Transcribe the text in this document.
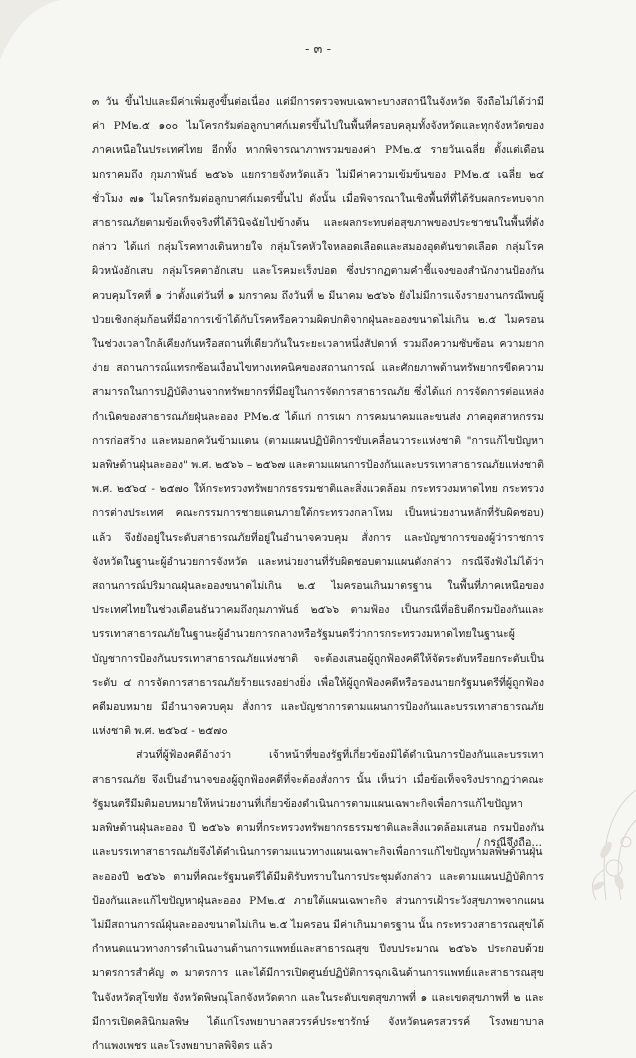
- ๓ -

๓ วัน ขึ้นไปและมีค่าเพิ่มสูงขึ้นต่อเนื่อง แต่มีการตรวจพบเฉพาะบางสถานีในจังหวัด จึงถือไม่ได้ว่ามีค่า PM๒.๕ ๑๐๐ ไมโครกรัมต่อลูกบาศก์เมตรขึ้นไปในพื้นที่ครอบคลุมทั้งจังหวัดและทุกจังหวัดของภาคเหนือในประเทศไทย อีกทั้ง หากพิจารณาภาพรวมของค่า PM๒.๕ รายวันเฉลี่ย ตั้งแต่เดือนมกราคมถึง กุมภาพันธ์ ๒๕๖๖ แยกรายจังหวัดแล้ว ไม่มีค่าความเข้มข้นของ PM๒.๕ เฉลี่ย ๒๔ ชั่วโมง ๗๑ ไมโครกรัมต่อลูกบาศก์เมตรขึ้นไป ดังนั้น เมื่อพิจารณาในเชิงพื้นที่ที่ได้รับผลกระทบจากสาธารณภัยตามข้อเท็จจริงที่ได้วินิจฉัยไปข้างต้น และผลกระทบต่อสุขภาพของประชาชนในพื้นที่ดังกล่าว ได้แก่ กลุ่มโรคทางเดินหายใจ กลุ่มโรคหัวใจหลอดเลือดและสมองอุดตันขาดเลือด กลุ่มโรคผิวหนังอักเสบ กลุ่มโรคตาอักเสบ และโรคมะเร็งปอด ซึ่งปรากฏตามคำชี้แจงของสำนักงานป้องกันควบคุมโรคที่ ๑ ว่าตั้งแต่วันที่ ๑ มกราคม ถึงวันที่ ๒ มีนาคม ๒๕๖๖ ยังไม่มีการแจ้งรายงานกรณีพบผู้ป่วยเชิงกลุ่มก้อนที่มีอาการเข้าได้กับโรคหรือความผิดปกติจากฝุ่นละอองขนาดไม่เกิน ๒.๕ ไมครอน ในช่วงเวลาใกล้เคียงกันหรือสถานที่เดียวกันในระยะเวลาหนึ่งสัปดาห์ รวมถึงความซับซ้อน ความยากง่าย สถานการณ์แทรกซ้อนเงื่อนไขทางเทคนิคของสถานการณ์ และศักยภาพด้านทรัพยากรขีดความสามารถในการปฏิบัติงานจากทรัพยากรที่มีอยู่ในการจัดการสาธารณภัย ซึ่งได้แก่ การจัดการต่อแหล่งกำเนิดของสาธารณภัยฝุ่นละออง PM๒.๕ ได้แก่ การเผา การคมนาคมและขนส่ง ภาคอุตสาหกรรม การก่อสร้าง และหมอกควันข้ามแดน (ตามแผนปฏิบัติการขับเคลื่อนวาระแห่งชาติ "การแก้ไขปัญหามลพิษด้านฝุ่นละออง" พ.ศ. ๒๕๖๖ – ๒๕๖๗ และตามแผนการป้องกันและบรรเทาสาธารณภัยแห่งชาติ พ.ศ. ๒๕๖๔ - ๒๕๗๐ ให้กระทรวงทรัพยากรธรรมชาติและสิ่งแวดล้อม กระทรวงมหาดไทย กระทรวงการต่างประเทศ คณะกรรมการชายแดนภายใต้กระทรวงกลาโหม เป็นหน่วยงานหลักที่รับผิดชอบ) แล้ว จึงยังอยู่ในระดับสาธารณภัยที่อยู่ในอำนาจควบคุม สั่งการ และบัญชาการของผู้ว่าราชการจังหวัดในฐานะผู้อำนวยการจังหวัด และหน่วยงานที่รับผิดชอบตามแผนดังกล่าว กรณีจึงฟังไม่ได้ว่า สถานการณ์ปริมาณฝุ่นละอองขนาดไม่เกิน ๒.๕ ไมครอนเกินมาตรฐาน ในพื้นที่ภาคเหนือของประเทศไทยในช่วงเดือนธันวาคมถึงกุมภาพันธ์ ๒๕๖๖ ตามฟ้อง เป็นกรณีที่อธิบดีกรมป้องกันและบรรเทาสาธารณภัยในฐานะผู้อำนวยการกลางหรือรัฐมนตรีว่าการกระทรวงมหาดไทยในฐานะผู้บัญชาการป้องกันบรรเทาสาธารณภัยแห่งชาติ จะต้องเสนอผู้ถูกฟ้องคดีให้จัดระดับหรือยกระดับเป็นระดับ ๔ การจัดการสาธารณภัยร้ายแรงอย่างยิ่ง เพื่อให้ผู้ถูกฟ้องคดีหรือรองนายกรัฐมนตรีที่ผู้ถูกฟ้องคดีมอบหมาย มีอำนาจควบคุม สั่งการ และบัญชาการตามแผนการป้องกันและบรรเทาสาธารณภัยแห่งชาติ พ.ศ. ๒๕๖๔ - ๒๕๗๐

ส่วนที่ผู้ฟ้องคดีอ้างว่า เจ้าหน้าที่ของรัฐที่เกี่ยวข้องมิได้ดำเนินการป้องกันและบรรเทาสาธารณภัย จึงเป็นอำนาจของผู้ถูกฟ้องคดีที่จะต้องสั่งการ นั้น เห็นว่า เมื่อข้อเท็จจริงปรากฏว่าคณะรัฐมนตรีมีมติมอบหมายให้หน่วยงานที่เกี่ยวข้องดำเนินการตามแผนเฉพาะกิจเพื่อการแก้ไขปัญหามลพิษด้านฝุ่นละออง ปี ๒๕๖๖ ตามที่กระทรวงทรัพยากรธรรมชาติและสิ่งแวดล้อมเสนอ กรมป้องกันและบรรเทาสาธารณภัยจึงได้ดำเนินการตามแนวทางแผนเฉพาะกิจเพื่อการแก้ไขปัญหามลพิษด้านฝุ่นละอองปี ๒๕๖๖ ตามที่คณะรัฐมนตรีได้มีมติรับทราบในการประชุมดังกล่าว และตามแผนปฏิบัติการป้องกันและแก้ไขปัญหาฝุ่นละออง PM๒.๕ ภายใต้แผนเฉพาะกิจ ส่วนการเฝ้าระวังสุขภาพจากแผนไม่มีสถานการณ์ฝุ่นละอองขนาดไม่เกิน ๒.๕ ไมครอน มีค่าเกินมาตรฐาน นั้น กระทรวงสาธารณสุขได้กำหนดแนวทางการดำเนินงานด้านการแพทย์และสาธารณสุข ปีงบประมาณ ๒๕๖๖ ประกอบด้วยมาตรการสำคัญ ๓ มาตรการ และได้มีการเปิดศูนย์ปฏิบัติการฉุกเฉินด้านการแพทย์และสาธารณสุขในจังหวัดสุโขทัย จังหวัดพิษณุโลกจังหวัดตาก และในระดับเขตสุขภาพที่ ๑ และเขตสุขภาพที่ ๒ และมีการเปิดคลินิกมลพิษ ได้แก่โรงพยาบาลสวรรค์ประชารักษ์ จังหวัดนครสวรรค์ โรงพยาบาลกำแพงเพชร และโรงพยาบาลพิจิตร แล้ว

/ กรณีจึงถือ...
